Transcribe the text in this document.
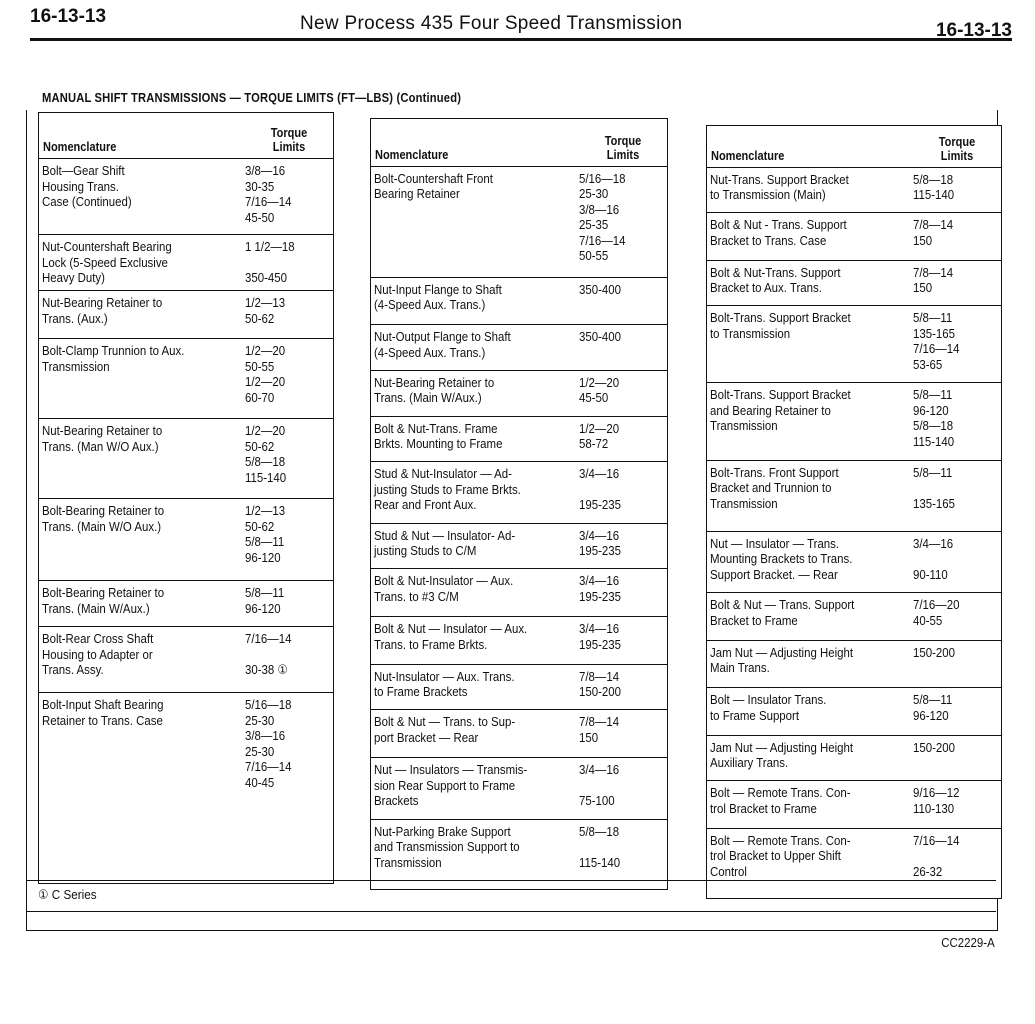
16-13-13	New Process 435 Four Speed Transmission	16-13-13
MANUAL SHIFT TRANSMISSIONS — TORQUE LIMITS (FT—LBS) (Continued)
Nomenclature
Torque
Limits
Bolt—Gear Shift
Housing Trans.
Case (Continued)
3/8—16
30-35
7/16—14
45-50
Nut-Countershaft Bearing
Lock (5-Speed Exclusive
Heavy Duty)
1 1/2—18

350-450
Nut-Bearing Retainer to
Trans. (Aux.)
1/2—13
50-62
Bolt-Clamp Trunnion to Aux.
Transmission
1/2—20
50-55
1/2—20
60-70
Nut-Bearing Retainer to
Trans. (Man W/O Aux.)
1/2—20
50-62
5/8—18
115-140
Bolt-Bearing Retainer to
Trans. (Main W/O Aux.)
1/2—13
50-62
5/8—11
96-120
Bolt-Bearing Retainer to
Trans. (Main W/Aux.)
5/8—11
96-120
Bolt-Rear Cross Shaft
Housing to Adapter or
Trans. Assy.
7/16—14

30-38 ①
Bolt-Input Shaft Bearing
Retainer to Trans. Case
5/16—18
25-30
3/8—16
25-30
7/16—14
40-45
Nomenclature
Torque
Limits
Bolt-Countershaft Front
Bearing Retainer
5/16—18
25-30
3/8—16
25-35
7/16—14
50-55
Nut-Input Flange to Shaft
(4-Speed Aux. Trans.)
350-400
Nut-Output Flange to Shaft
(4-Speed Aux. Trans.)
350-400
Nut-Bearing Retainer to
Trans. (Main W/Aux.)
1/2—20
45-50
Bolt & Nut-Trans. Frame
Brkts. Mounting to Frame
1/2—20
58-72
Stud & Nut-Insulator — Ad-
justing Studs to Frame Brkts.
Rear and Front Aux.
3/4—16

195-235
Stud & Nut — Insulator- Ad-
justing Studs to C/M
3/4—16
195-235
Bolt & Nut-Insulator — Aux.
Trans. to #3 C/M
3/4—16
195-235
Bolt & Nut — Insulator — Aux.
Trans. to Frame Brkts.
3/4—16
195-235
Nut-Insulator — Aux. Trans.
to Frame Brackets
7/8—14
150-200
Bolt & Nut — Trans. to Sup-
port Bracket — Rear
7/8—14
150
Nut — Insulators — Transmis-
sion Rear Support to Frame
Brackets
3/4—16

75-100
Nut-Parking Brake Support
and Transmission Support to
Transmission
5/8—18

115-140
Nomenclature
Torque
Limits
Nut-Trans. Support Bracket
to Transmission (Main)
5/8—18
115-140
Bolt & Nut - Trans. Support
Bracket to Trans. Case
7/8—14
150
Bolt & Nut-Trans. Support
Bracket to Aux. Trans.
7/8—14
150
Bolt-Trans. Support Bracket
to Transmission
5/8—11
135-165
7/16—14
53-65
Bolt-Trans. Support Bracket
and Bearing Retainer to
Transmission
5/8—11
96-120
5/8—18
115-140
Bolt-Trans. Front Support
Bracket and Trunnion to
Transmission
5/8—11

135-165
Nut — Insulator — Trans.
Mounting Brackets to Trans.
Support Bracket. — Rear
3/4—16

90-110
Bolt & Nut — Trans. Support
Bracket to Frame
7/16—20
40-55
Jam Nut — Adjusting Height
Main Trans.
150-200
Bolt — Insulator Trans.
to Frame Support
5/8—11
96-120
Jam Nut — Adjusting Height
Auxiliary Trans.
150-200
Bolt — Remote Trans. Con-
trol Bracket to Frame
9/16—12
110-130
Bolt — Remote Trans. Con-
trol Bracket to Upper Shift
Control
7/16—14

26-32
① C Series
CC2229-A
